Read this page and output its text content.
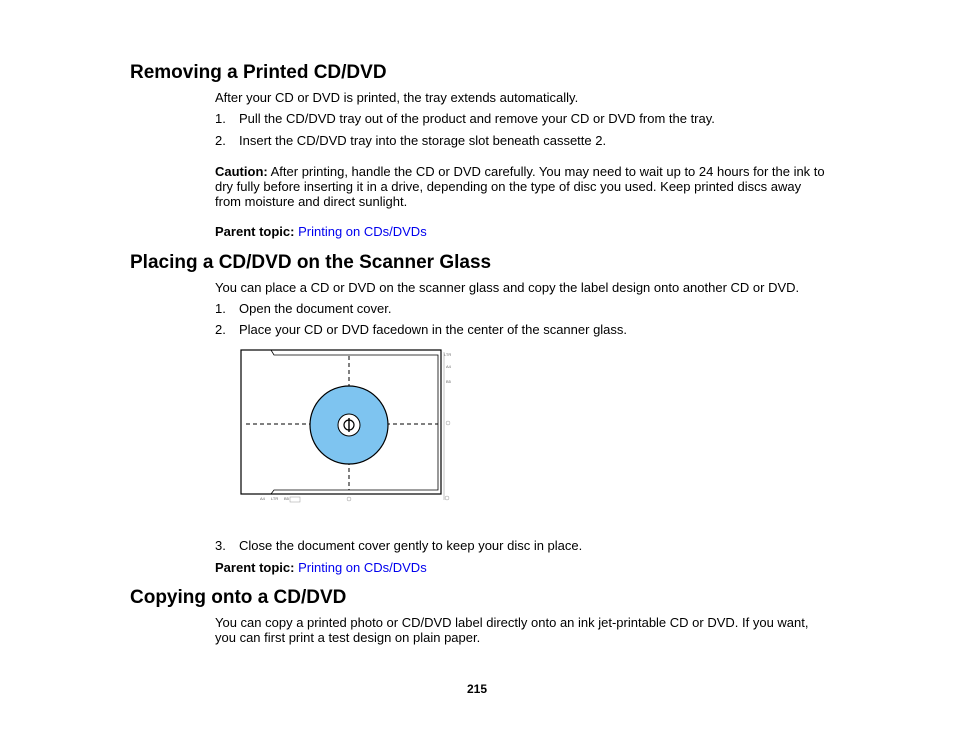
Removing a Printed CD/DVD

After your CD or DVD is printed, the tray extends automatically.

1. Pull the CD/DVD tray out of the product and remove your CD or DVD from the tray.
2. Insert the CD/DVD tray into the storage slot beneath cassette 2.

Caution: After printing, handle the CD or DVD carefully. You may need to wait up to 24 hours for the ink to dry fully before inserting it in a drive, depending on the type of disc you used. Keep printed discs away from moisture and direct sunlight.

Parent topic: Printing on CDs/DVDs

Placing a CD/DVD on the Scanner Glass

You can place a CD or DVD on the scanner glass and copy the label design onto another CD or DVD.

1. Open the document cover.
2. Place your CD or DVD facedown in the center of the scanner glass.
LTR
A4
B5
A4 LTR B5
3. Close the document cover gently to keep your disc in place.

Parent topic: Printing on CDs/DVDs

Copying onto a CD/DVD

You can copy a printed photo or CD/DVD label directly onto an ink jet-printable CD or DVD. If you want, you can first print a test design on plain paper.

215
